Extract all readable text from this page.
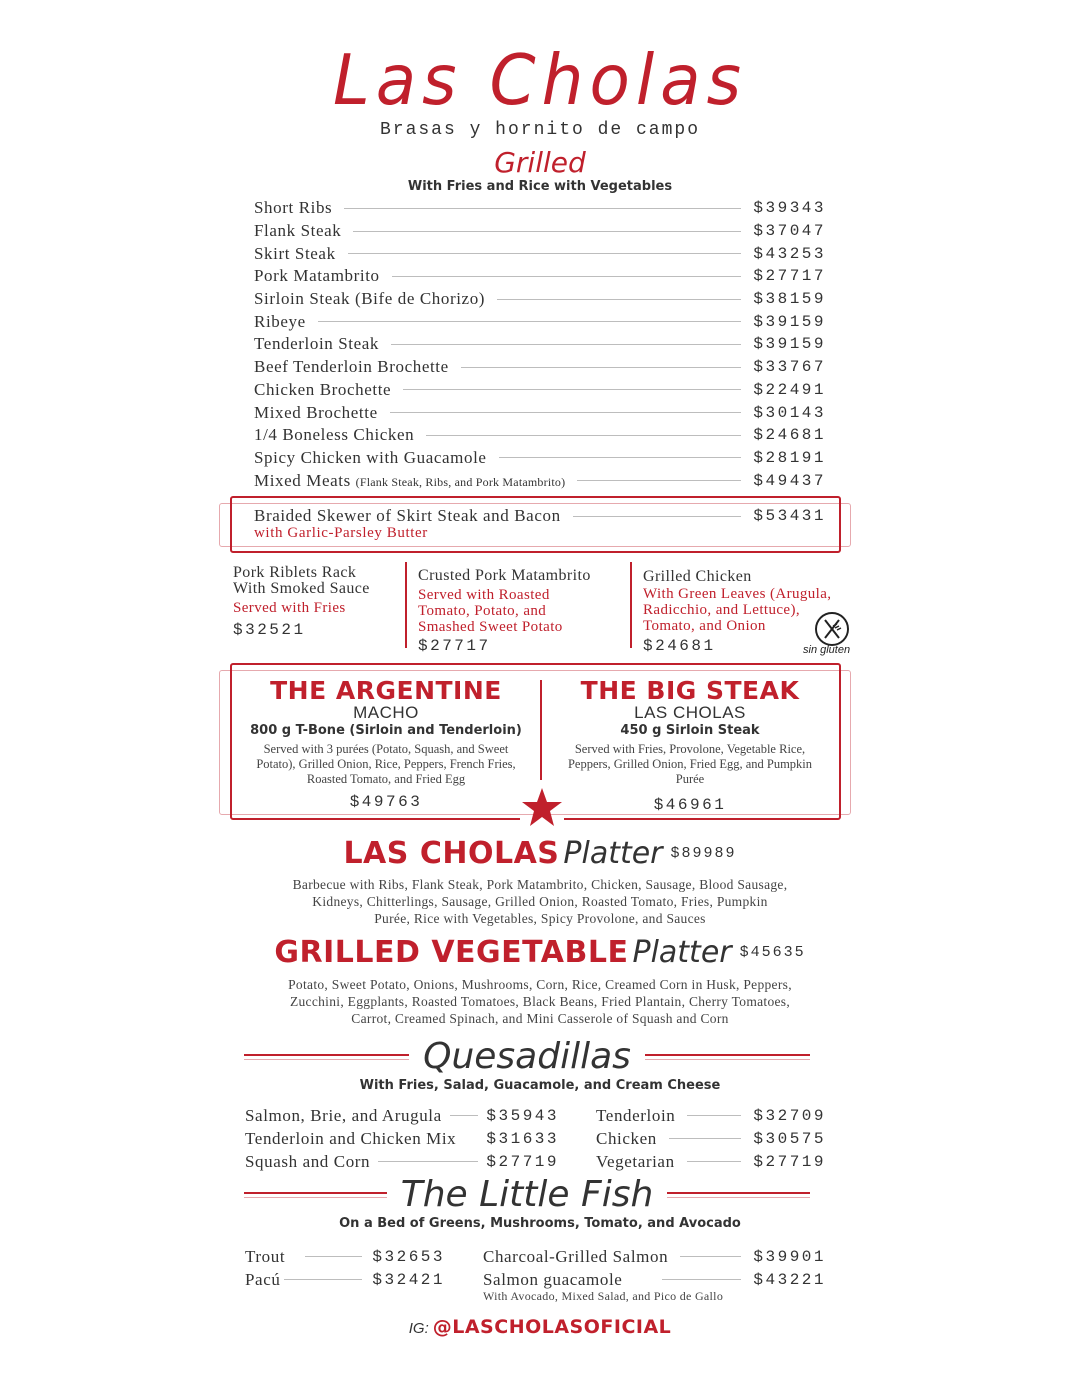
Las Cholas
Brasas y hornito de campo
Grilled
With Fries and Rice with Vegetables
Short Ribs	$39343
Flank Steak	$37047
Skirt Steak	$43253
Pork Matambrito	$27717
Sirloin Steak (Bife de Chorizo)	$38159
Ribeye	$39159
Tenderloin Steak	$39159
Beef Tenderloin Brochette	$33767
Chicken Brochette	$22491
Mixed Brochette	$30143
1/4 Boneless Chicken	$24681
Spicy Chicken with Guacamole	$28191
Mixed Meats (Flank Steak, Ribs, and Pork Matambrito)	$49437
Braided Skewer of Skirt Steak and Bacon	$53431
with Garlic-Parsley Butter
Pork Riblets Rack
With Smoked Sauce
Served with Fries
$32521
Crusted Pork Matambrito
Served with Roasted
Tomato, Potato, and
Smashed Sweet Potato
$27717
Grilled Chicken
With Green Leaves (Arugula,
Radicchio, and Lettuce),
Tomato, and Onion
$24681	sin gluten
THE ARGENTINE
MACHO
800 g T-Bone (Sirloin and Tenderloin)
Served with 3 purées (Potato, Squash, and Sweet
Potato), Grilled Onion, Rice, Peppers, French Fries,
Roasted Tomato, and Fried Egg
$49763
THE BIG STEAK
LAS CHOLAS
450 g Sirloin Steak
Served with Fries, Provolone, Vegetable Rice,
Peppers, Grilled Onion, Fried Egg, and Pumpkin
Purée
$46961
LAS CHOLAS Platter $89989
Barbecue with Ribs, Flank Steak, Pork Matambrito, Chicken, Sausage, Blood Sausage,
Kidneys, Chitterlings, Sausage, Grilled Onion, Roasted Tomato, Fries, Pumpkin
Purée, Rice with Vegetables, Spicy Provolone, and Sauces
GRILLED VEGETABLE Platter $45635
Potato, Sweet Potato, Onions, Mushrooms, Corn, Rice, Creamed Corn in Husk, Peppers,
Zucchini, Eggplants, Roasted Tomatoes, Black Beans, Fried Plantain, Cherry Tomatoes,
Carrot, Creamed Spinach, and Mini Casserole of Squash and Corn
Quesadillas
With Fries, Salad, Guacamole, and Cream Cheese
Salmon, Brie, and Arugula	$35943
Tenderloin and Chicken Mix $31633
Squash and Corn	$27719
Tenderloin	$32709
Chicken	$30575
Vegetarian	$27719
The Little Fish
On a Bed of Greens, Mushrooms, Tomato, and Avocado
Trout	$32653
Pacú	$32421
Charcoal-Grilled Salmon	$39901
Salmon guacamole	$43221
With Avocado, Mixed Salad, and Pico de Gallo
IG: @LASCHOLASOFICIAL
